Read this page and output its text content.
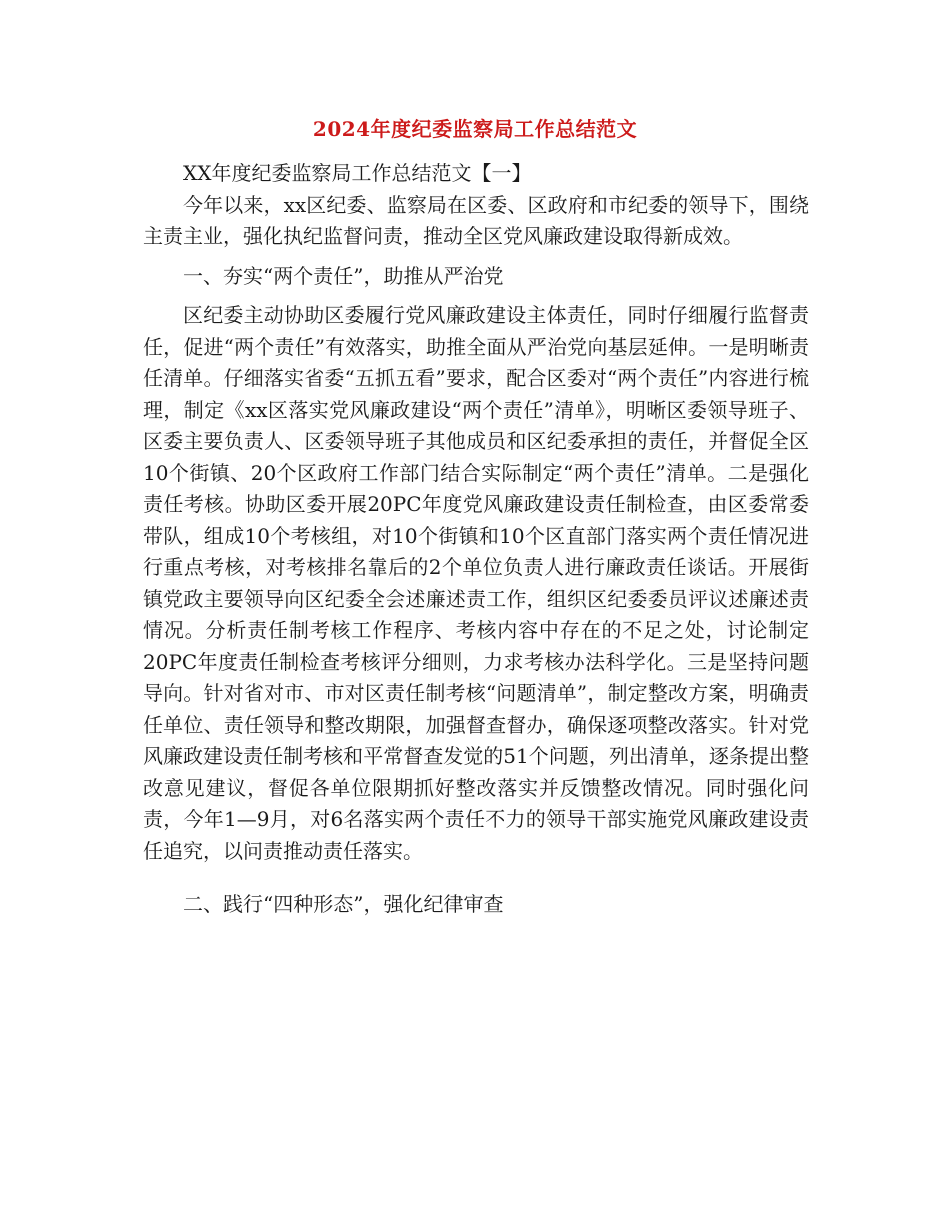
2024年度纪委监察局工作总结范文

XX年度纪委监察局工作总结范文【一】

今年以来，xx区纪委、监察局在区委、区政府和市纪委的领导下，围绕主责主业，强化执纪监督问责，推动全区党风廉政建设取得新成效。

一、夯实“两个责任”，助推从严治党

区纪委主动协助区委履行党风廉政建设主体责任，同时仔细履行监督责任，促进“两个责任”有效落实，助推全面从严治党向基层延伸。一是明晰责任清单。仔细落实省委“五抓五看”要求，配合区委对“两个责任”内容进行梳理，制定《xx区落实党风廉政建设“两个责任”清单》，明晰区委领导班子、区委主要负责人、区委领导班子其他成员和区纪委承担的责任，并督促全区10个街镇、20个区政府工作部门结合实际制定“两个责任”清单。二是强化责任考核。协助区委开展20PC年度党风廉政建设责任制检查，由区委常委带队，组成10个考核组，对10个街镇和10个区直部门落实两个责任情况进行重点考核，对考核排名靠后的2个单位负责人进行廉政责任谈话。开展街镇党政主要领导向区纪委全会述廉述责工作，组织区纪委委员评议述廉述责情况。分析责任制考核工作程序、考核内容中存在的不足之处，讨论制定20PC年度责任制检查考核评分细则，力求考核办法科学化。三是坚持问题导向。针对省对市、市对区责任制考核“问题清单”，制定整改方案，明确责任单位、责任领导和整改期限，加强督查督办，确保逐项整改落实。针对党风廉政建设责任制考核和平常督查发觉的51个问题，列出清单，逐条提出整改意见建议，督促各单位限期抓好整改落实并反馈整改情况。同时强化问责，今年1—9月，对6名落实两个责任不力的领导干部实施党风廉政建设责任追究，以问责推动责任落实。

二、践行“四种形态”，强化纪律审查
